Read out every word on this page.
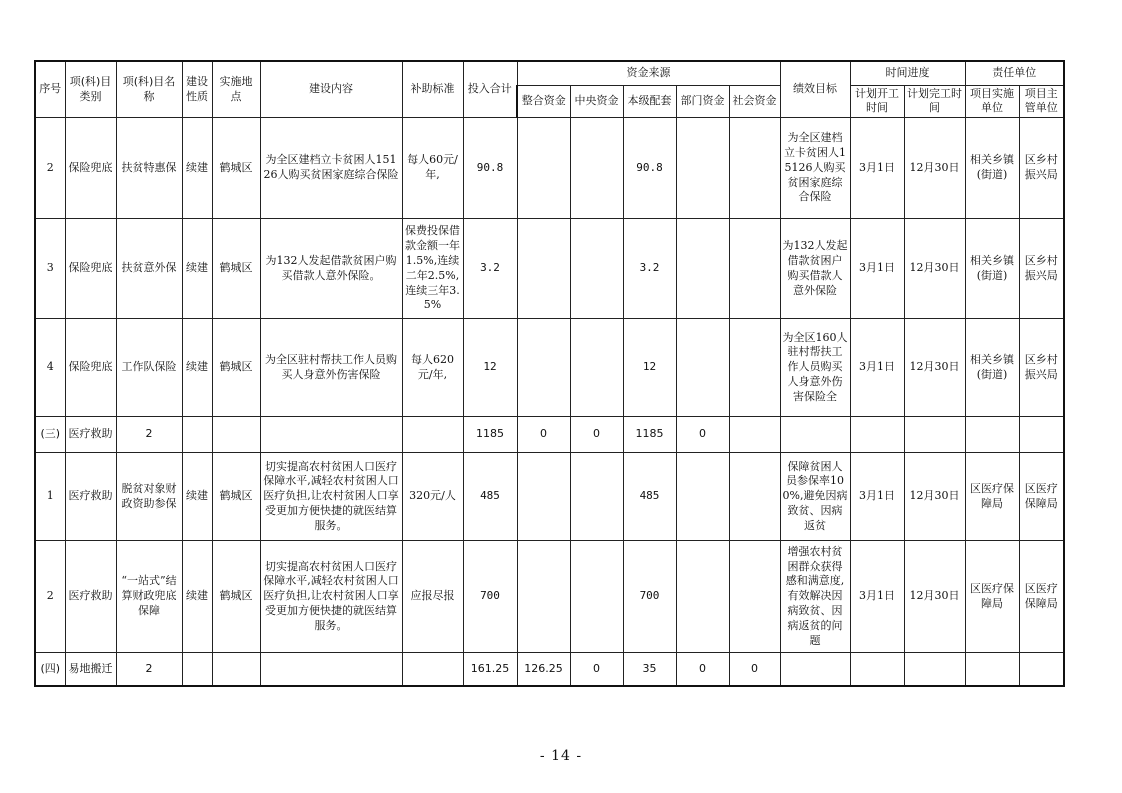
序号	项(科)目类别	项(科)目名称	建设性质	实施地点	建设内容	补助标准	投入合计	资金来源					绩效目标	时间进度		责任单位	
								整合资金	中央资金	本级配套	部门资金	社会资金		计划开工时间	计划完工时间	项目实施单位	项目主管单位
2	保险兜底	扶贫特惠保	续建	鹤城区	为全区建档立卡贫困人15126人购买贫困家庭综合保险	每人60元/年,	90.8			90.8			为全区建档立卡贫困人15126人购买贫困家庭综合保险	3月1日	12月30日	相关乡镇(街道)	区乡村振兴局
3	保险兜底	扶贫意外保	续建	鹤城区	为132人发起借款贫困户购买借款人意外保险。	保费投保借款金额一年1.5%,连续二年2.5%,连续三年3.5%	3.2			3.2			为132人发起借款贫困户购买借款人意外保险	3月1日	12月30日	相关乡镇(街道)	区乡村振兴局
4	保险兜底	工作队保险	续建	鹤城区	为全区驻村帮扶工作人员购买人身意外伤害保险	每人620元/年,	12			12			为全区160人驻村帮扶工作人员购买人身意外伤害保险全	3月1日	12月30日	相关乡镇(街道)	区乡村振兴局
(三)	医疗救助	2					1185	0	0	1185	0						
1	医疗救助	脱贫对象财政资助参保	续建	鹤城区	切实提高农村贫困人口医疗保障水平,减轻农村贫困人口医疗负担,让农村贫困人口享受更加方便快捷的就医结算服务。	320元/人	485			485			保障贫困人员参保率100%,避免因病致贫、因病返贫	3月1日	12月30日	区医疗保障局	区医疗保障局
2	医疗救助	“一站式”结算财政兜底保障	续建	鹤城区	切实提高农村贫困人口医疗保障水平,减轻农村贫困人口医疗负担,让农村贫困人口享受更加方便快捷的就医结算服务。	应报尽报	700			700			增强农村贫困群众获得感和满意度,有效解决因病致贫、因病返贫的问题	3月1日	12月30日	区医疗保障局	区医疗保障局
(四)	易地搬迁	2					161.25	126.25	0	35	0	0					
- 14 -
